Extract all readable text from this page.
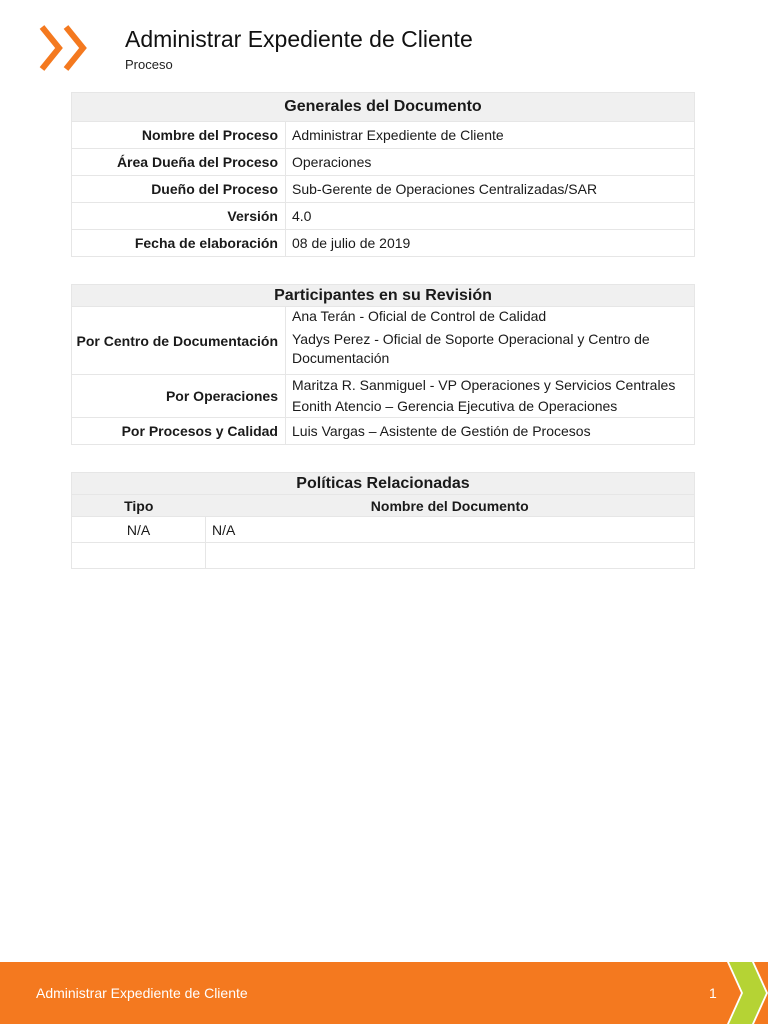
Administrar Expediente de Cliente
Proceso
Generales del Documento	
Nombre del Proceso	Administrar Expediente de Cliente
Área Dueña del Proceso	Operaciones
Dueño del Proceso	Sub-Gerente de Operaciones Centralizadas/SAR
Versión	4.0
Fecha de elaboración	08 de julio de 2019
Participantes en su Revisión	
Por Centro de Documentación	Ana Terán - Oficial de Control de Calidad
Yadys Perez - Oficial de Soporte Operacional y Centro de Documentación

Por Operaciones	Maritza R. Sanmiguel - VP Operaciones y Servicios Centrales
Eonith Atencio – Gerencia Ejecutiva de Operaciones

Por Procesos y Calidad	Luis Vargas – Asistente de Gestión de Procesos
Políticas Relacionadas	
Tipo	Nombre del Documento
N/A	N/A

Administrar Expediente de Cliente	1
